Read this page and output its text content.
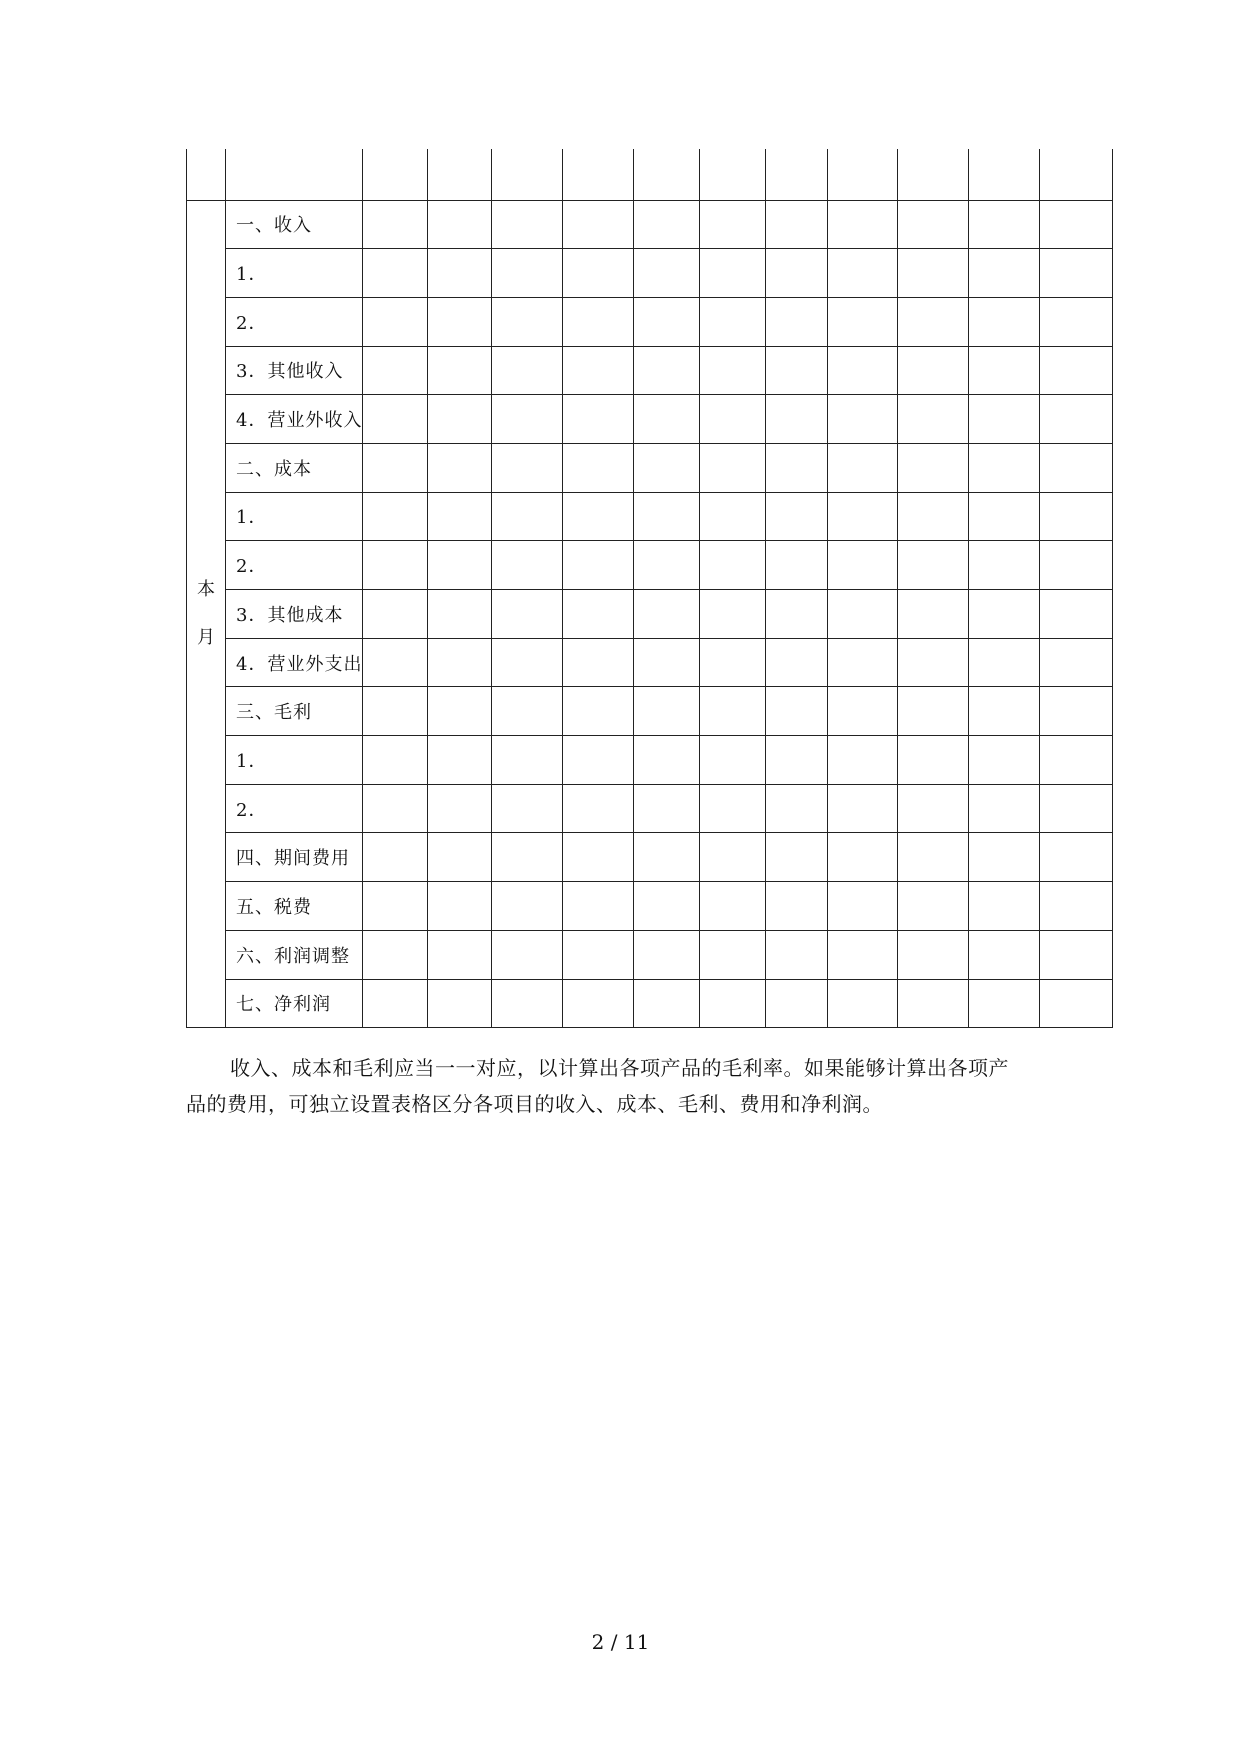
本
月	一、收入											
	1．											
	2．											
	3．其他收入											
	4．营业外收入											
	二、成本											
	1．											
	2．											
	3．其他成本											
	4．营业外支出											
	三、毛利											
	1．											
	2．											
	四、期间费用											
	五、税费											
	六、利润调整											
	七、净利润											
收入、成本和毛利应当一一对应，以计算出各项产品的毛利率。如果能够计算出各项产
品的费用，可独立设置表格区分各项目的收入、成本、毛利、费用和净利润。
2 / 11
